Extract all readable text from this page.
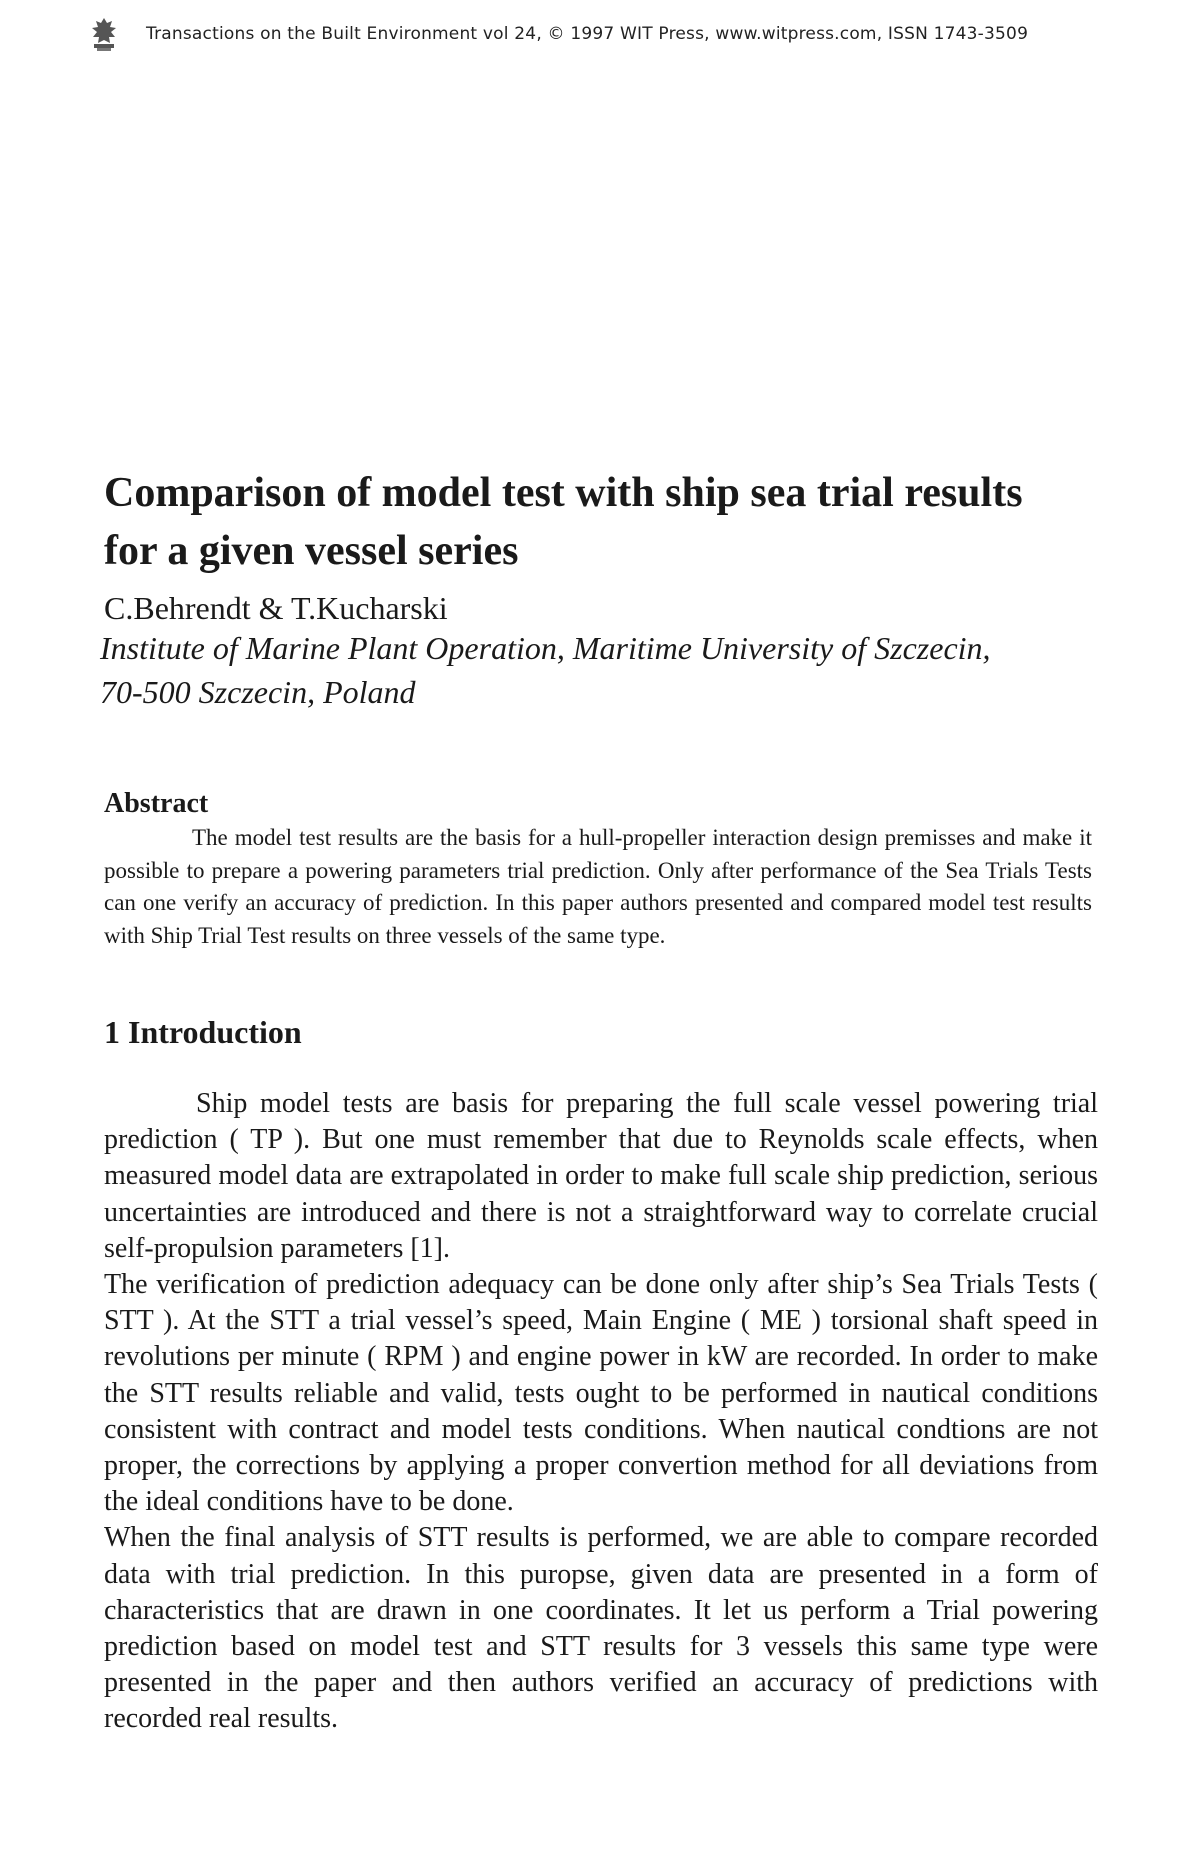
Transactions on the Built Environment vol 24, © 1997 WIT Press, www.witpress.com, ISSN 1743-3509
Comparison of model test with ship sea trial results for a given vessel series
C.Behrendt & T.Kucharski
Institute of Marine Plant Operation, Maritime University of Szczecin, 70-500 Szczecin, Poland
Abstract

The model test results are the basis for a hull-propeller interaction design premisses and make it possible to prepare a powering parameters trial prediction. Only after performance of the Sea Trials Tests can one verify an accuracy of prediction. In this paper authors presented and compared model test results with Ship Trial Test results on three vessels of the same type.

1 Introduction

Ship model tests are basis for preparing the full scale vessel powering trial prediction ( TP ). But one must remember that due to Reynolds scale effects, when measured model data are extrapolated in order to make full scale ship prediction, serious uncertainties are introduced and there is not a straightforward way to correlate crucial self-propulsion parameters [1].

The verification of prediction adequacy can be done only after ship’s Sea Trials Tests ( STT ). At the STT a trial vessel’s speed, Main Engine ( ME ) torsional shaft speed in revolutions per minute ( RPM ) and engine power in kW are recorded. In order to make the STT results reliable and valid, tests ought to be performed in nautical conditions consistent with contract and model tests conditions. When nautical condtions are not proper, the corrections by applying a proper convertion method for all deviations from the ideal conditions have to be done.

When the final analysis of STT results is performed, we are able to compare recorded data with trial prediction. In this puropse, given data are presented in a form of characteristics that are drawn in one coordinates. It let us perform a Trial powering prediction based on model test and STT results for 3 vessels this same type were presented in the paper and then authors verified an accuracy of predictions with recorded real results.
